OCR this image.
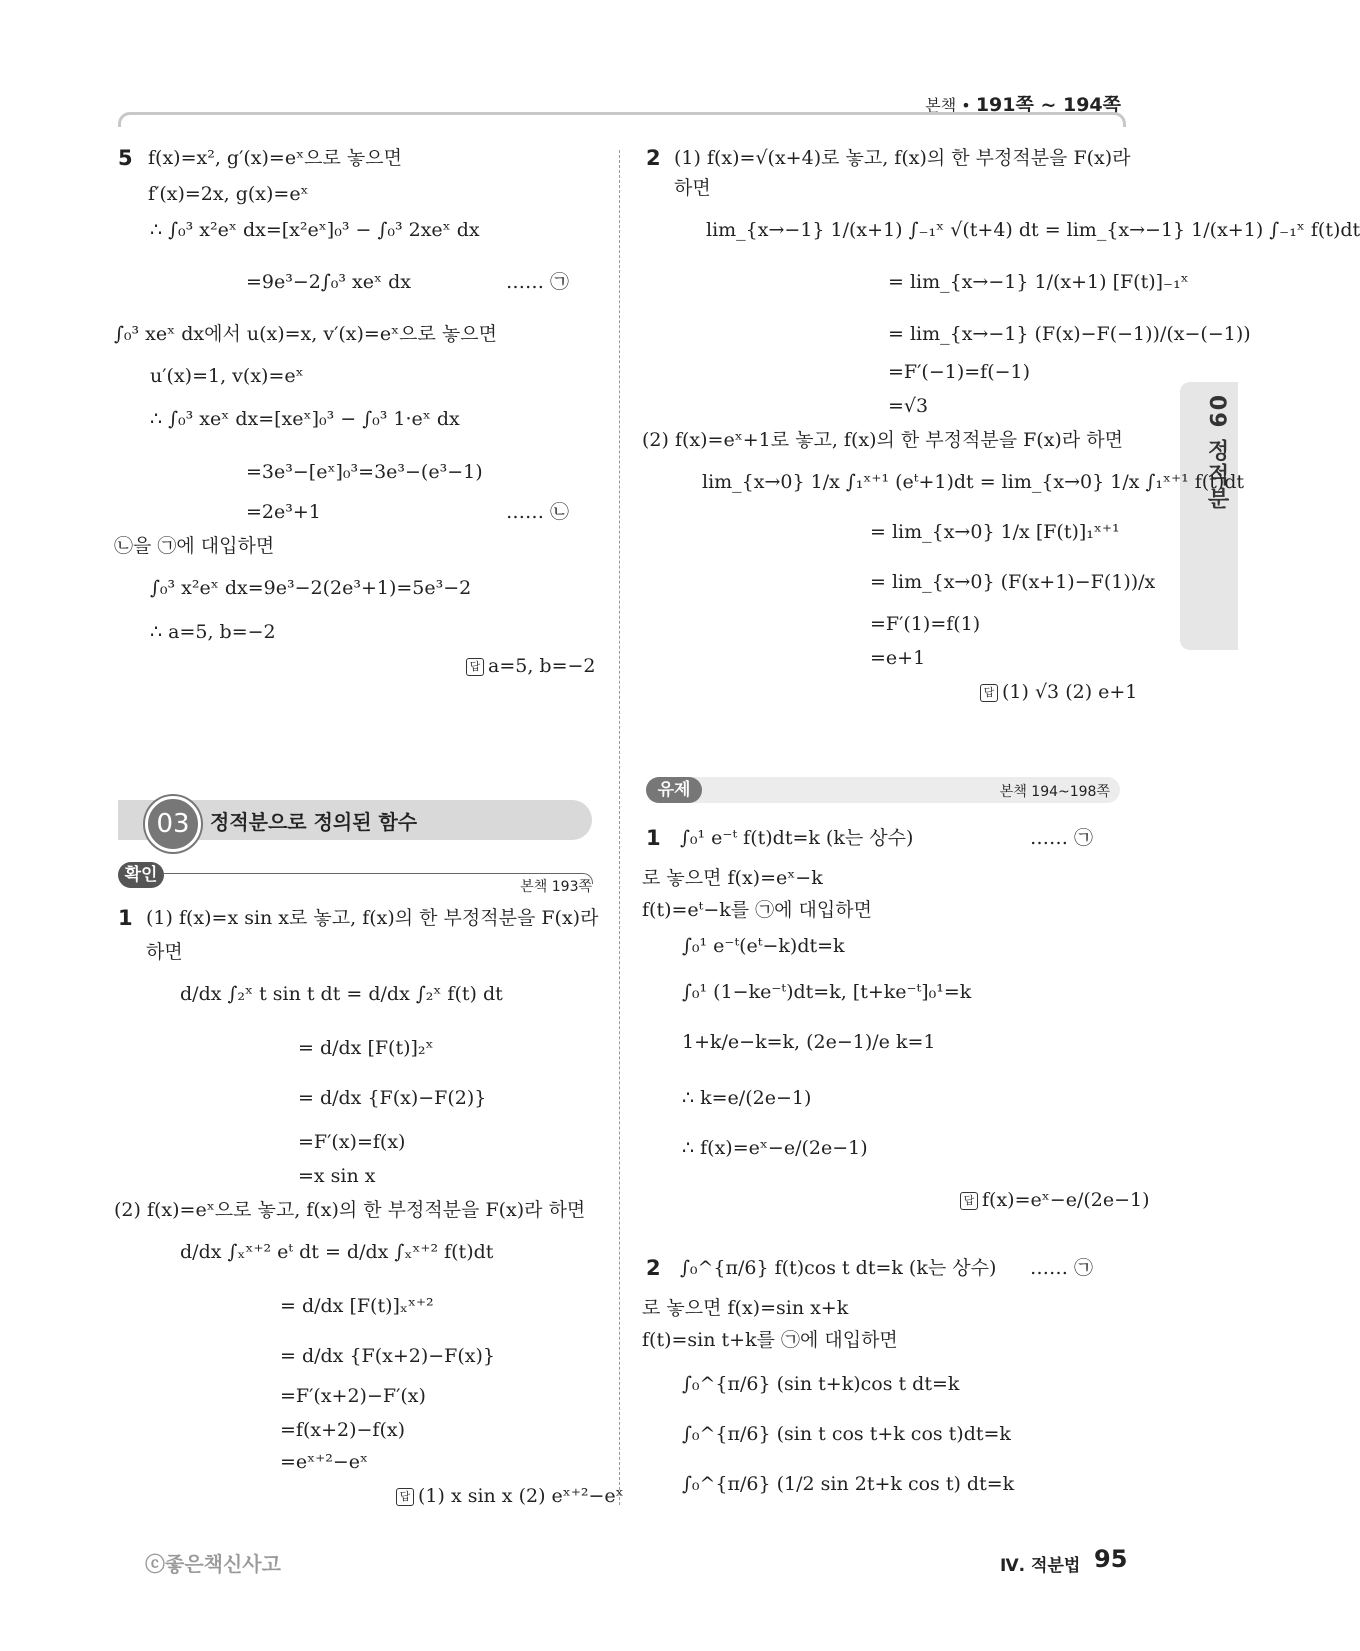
본책 • 191쪽 ~ 194쪽
09 정적분
5 f(x)=x², g′(x)=eˣ으로 놓으면
f′(x)=2x, g(x)=eˣ
∴ ∫₀³ x²eˣ dx=[x²eˣ]₀³ − ∫₀³ 2xeˣ dx
=9e³−2∫₀³ xeˣ dx	…… ㉠
∫₀³ xeˣ dx에서 u(x)=x, v′(x)=eˣ으로 놓으면
u′(x)=1, v(x)=eˣ
∴ ∫₀³ xeˣ dx=[xeˣ]₀³ − ∫₀³ 1·eˣ dx
=3e³−[eˣ]₀³=3e³−(e³−1)
=2e³+1	…… ㉡
㉡을 ㉠에 대입하면
∫₀³ x²eˣ dx=9e³−2(2e³+1)=5e³−2
∴ a=5, b=−2
답 a=5, b=−2
03	정적분으로 정의된 함수
확인
본책 193쪽
1 (1) f(x)=x sin x로 놓고, f(x)의 한 부정적분을 F(x)라
하면
d/dx ∫₂ˣ t sin t dt = d/dx ∫₂ˣ f(t) dt
= d/dx [F(t)]₂ˣ
= d/dx {F(x)−F(2)}
=F′(x)=f(x)
=x sin x
(2) f(x)=eˣ으로 놓고, f(x)의 한 부정적분을 F(x)라 하면
d/dx ∫ₓˣ⁺² eᵗ dt = d/dx ∫ₓˣ⁺² f(t)dt
= d/dx [F(t)]ₓˣ⁺²
= d/dx {F(x+2)−F(x)}
=F′(x+2)−F′(x)
=f(x+2)−f(x)
=eˣ⁺²−eˣ
답 (1) x sin x (2) eˣ⁺²−eˣ
2 (1) f(x)=√(x+4)로 놓고, f(x)의 한 부정적분을 F(x)라
하면
lim_{x→−1} 1/(x+1) ∫₋₁ˣ √(t+4) dt = lim_{x→−1} 1/(x+1) ∫₋₁ˣ f(t)dt
= lim_{x→−1} 1/(x+1) [F(t)]₋₁ˣ
= lim_{x→−1} (F(x)−F(−1))/(x−(−1))
=F′(−1)=f(−1)
=√3
(2) f(x)=eˣ+1로 놓고, f(x)의 한 부정적분을 F(x)라 하면
lim_{x→0} 1/x ∫₁ˣ⁺¹ (eᵗ+1)dt = lim_{x→0} 1/x ∫₁ˣ⁺¹ f(t)dt
= lim_{x→0} 1/x [F(t)]₁ˣ⁺¹
= lim_{x→0} (F(x+1)−F(1))/x
=F′(1)=f(1)
=e+1
답 (1) √3 (2) e+1
유제	본책 194~198쪽
1 ∫₀¹ e⁻ᵗ f(t)dt=k (k는 상수)	…… ㉠
로 놓으면 f(x)=eˣ−k
f(t)=eᵗ−k를 ㉠에 대입하면
∫₀¹ e⁻ᵗ(eᵗ−k)dt=k
∫₀¹ (1−ke⁻ᵗ)dt=k, [t+ke⁻ᵗ]₀¹=k
1+k/e−k=k, (2e−1)/e k=1
∴ k=e/(2e−1)
∴ f(x)=eˣ−e/(2e−1)
답 f(x)=eˣ−e/(2e−1)
2 ∫₀^{π/6} f(t)cos t dt=k (k는 상수) …… ㉠
로 놓으면 f(x)=sin x+k
f(t)=sin t+k를 ㉠에 대입하면
∫₀^{π/6} (sin t+k)cos t dt=k
∫₀^{π/6} (sin t cos t+k cos t)dt=k
∫₀^{π/6} (1/2 sin 2t+k cos t) dt=k
ⓒ좋은책신사고	Ⅳ. 적분법 95
